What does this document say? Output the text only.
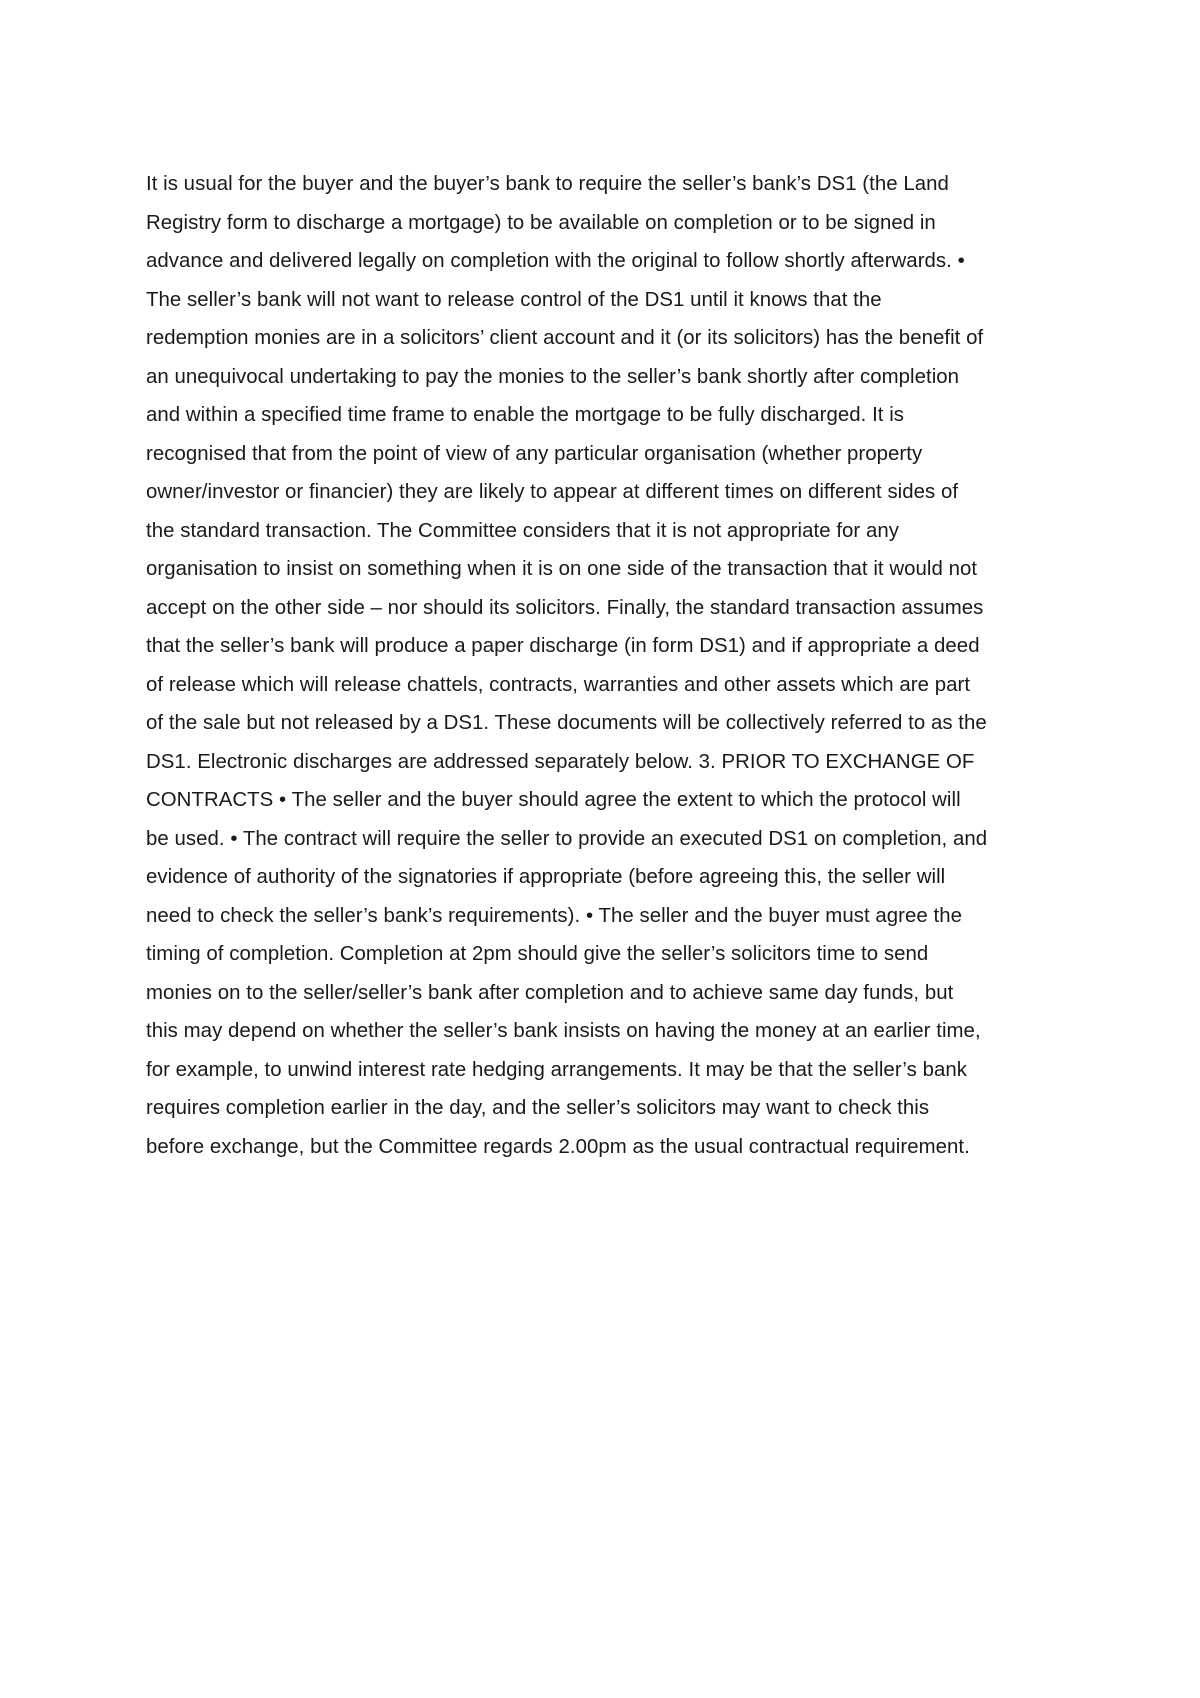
It is usual for the buyer and the buyer’s bank to require the seller’s bank’s DS1 (the Land
Registry form to discharge a mortgage) to be available on completion or to be signed in
advance and delivered legally on completion with the original to follow shortly afterwards. •
The seller’s bank will not want to release control of the DS1 until it knows that the
redemption monies are in a solicitors’ client account and it (or its solicitors) has the benefit of
an unequivocal undertaking to pay the monies to the seller’s bank shortly after completion
and within a specified time frame to enable the mortgage to be fully discharged. It is
recognised that from the point of view of any particular organisation (whether property
owner/investor or financier) they are likely to appear at different times on different sides of
the standard transaction. The Committee considers that it is not appropriate for any
organisation to insist on something when it is on one side of the transaction that it would not
accept on the other side – nor should its solicitors. Finally, the standard transaction assumes
that the seller’s bank will produce a paper discharge (in form DS1) and if appropriate a deed
of release which will release chattels, contracts, warranties and other assets which are part
of the sale but not released by a DS1. These documents will be collectively referred to as the
DS1. Electronic discharges are addressed separately below. 3. PRIOR TO EXCHANGE OF
CONTRACTS • The seller and the buyer should agree the extent to which the protocol will
be used. • The contract will require the seller to provide an executed DS1 on completion, and
evidence of authority of the signatories if appropriate (before agreeing this, the seller will
need to check the seller’s bank’s requirements). • The seller and the buyer must agree the
timing of completion. Completion at 2pm should give the seller’s solicitors time to send
monies on to the seller/seller’s bank after completion and to achieve same day funds, but
this may depend on whether the seller’s bank insists on having the money at an earlier time,
for example, to unwind interest rate hedging arrangements. It may be that the seller’s bank
requires completion earlier in the day, and the seller’s solicitors may want to check this
before exchange, but the Committee regards 2.00pm as the usual contractual requirement.
